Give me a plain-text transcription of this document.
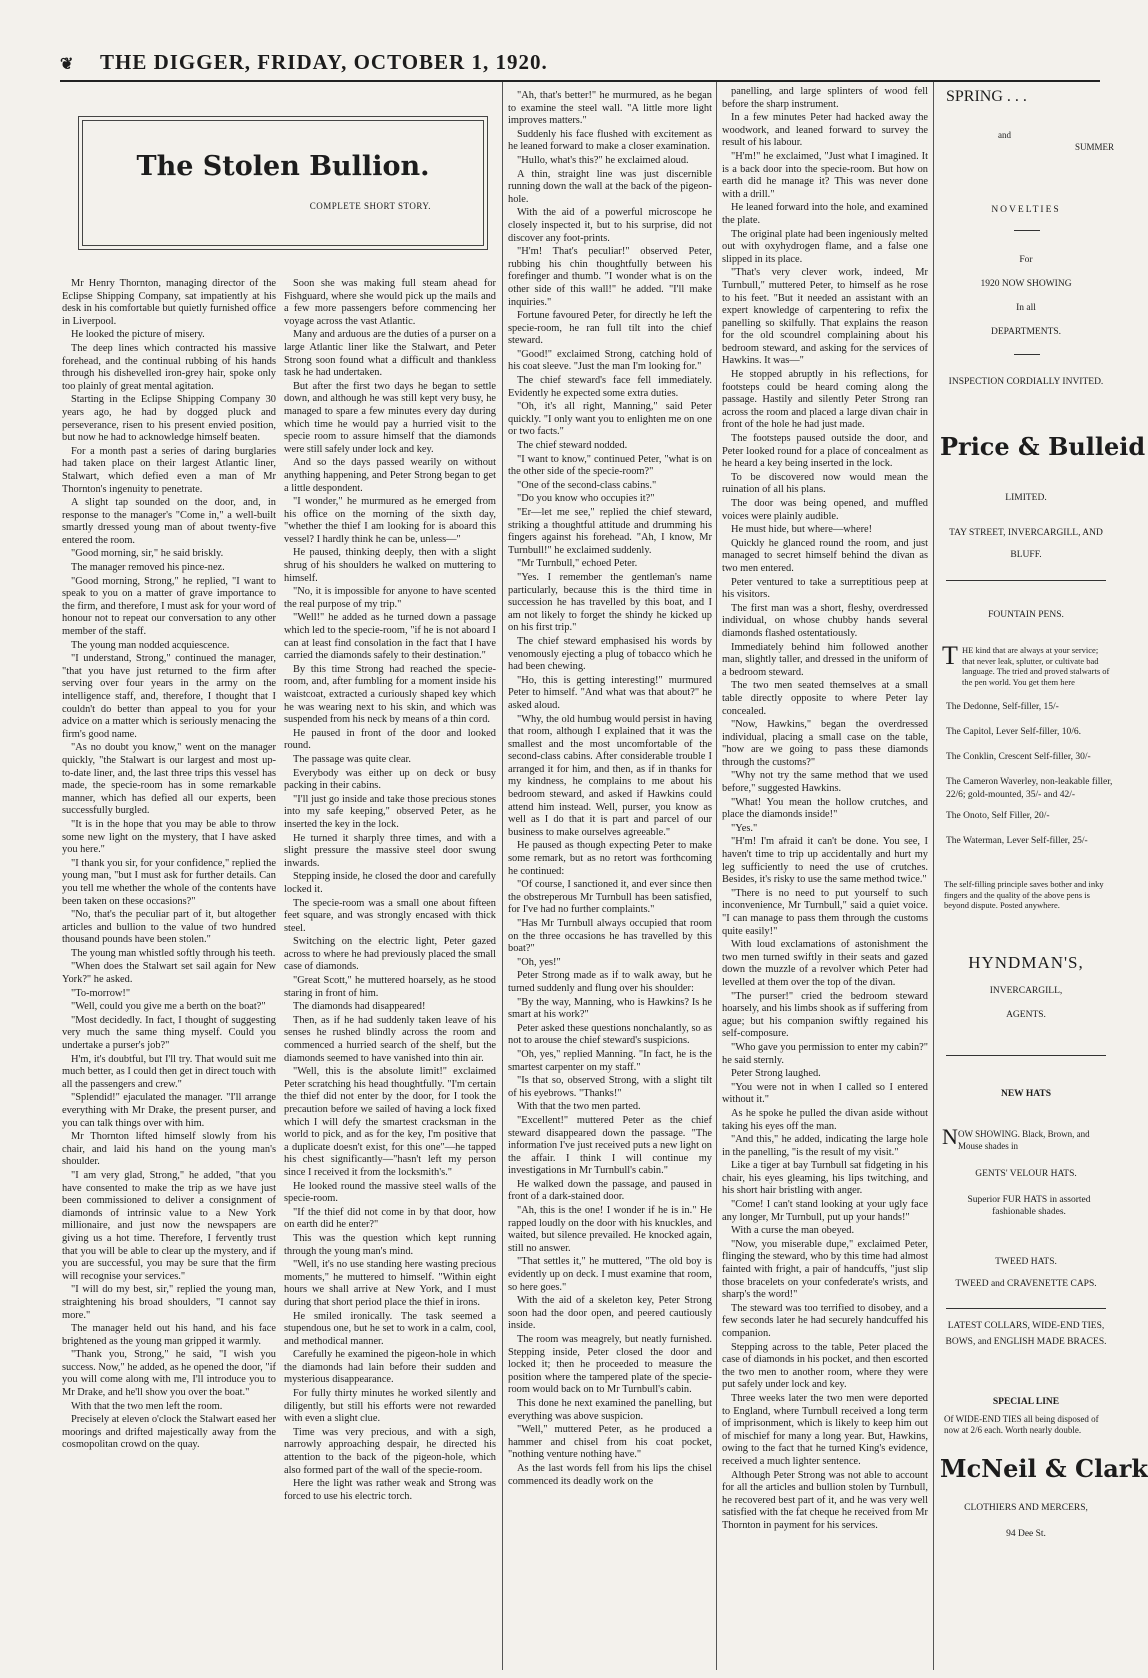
❦ THE DIGGER, FRIDAY, OCTOBER 1, 1920.
The Stolen Bullion.
COMPLETE SHORT STORY.

Mr Henry Thornton, managing director of the Eclipse Shipping Company, sat impatiently at his desk in his comfortable but quietly furnished office in Liverpool.

He looked the picture of misery.

The deep lines which contracted his massive forehead, and the continual rubbing of his hands through his dishevelled iron-grey hair, spoke only too plainly of great mental agitation.

Starting in the Eclipse Shipping Company 30 years ago, he had by dogged pluck and perseverance, risen to his present envied position, but now he had to acknowledge himself beaten.

For a month past a series of daring burglaries had taken place on their largest Atlantic liner, Stalwart, which defied even a man of Mr Thornton's ingenuity to penetrate.

A slight tap sounded on the door, and, in response to the manager's "Come in," a well-built smartly dressed young man of about twenty-five entered the room.

"Good morning, sir," he said briskly.

The manager removed his pince-nez.

"Good morning, Strong," he replied, "I want to speak to you on a matter of grave importance to the firm, and therefore, I must ask for your word of honour not to repeat our conversation to any other member of the staff.

The young man nodded acquiescence.

"I understand, Strong," continued the manager, "that you have just returned to the firm after serving over four years in the army on the intelligence staff, and, therefore, I thought that I couldn't do better than appeal to you for your advice on a matter which is seriously menacing the firm's good name.

"As no doubt you know," went on the manager quickly, "the Stalwart is our largest and most up-to-date liner, and, the last three trips this vessel has made, the specie-room has in some remarkable manner, which has defied all our experts, been successfully burgled.

"It is in the hope that you may be able to throw some new light on the mystery, that I have asked you here."

"I thank you sir, for your confidence," replied the young man, "but I must ask for further details. Can you tell me whether the whole of the contents have been taken on these occasions?"

"No, that's the peculiar part of it, but altogether articles and bullion to the value of two hundred thousand pounds have been stolen."

The young man whistled softly through his teeth.

"When does the Stalwart set sail again for New York?" he asked.

"To-morrow!"

"Well, could you give me a berth on the boat?"

"Most decidedly. In fact, I thought of suggesting very much the same thing myself. Could you undertake a purser's job?"

H'm, it's doubtful, but I'll try. That would suit me much better, as I could then get in direct touch with all the passengers and crew."

"Splendid!" ejaculated the manager. "I'll arrange everything with Mr Drake, the present purser, and you can talk things over with him.

Mr Thornton lifted himself slowly from his chair, and laid his hand on the young man's shoulder.

"I am very glad, Strong," he added, "that you have consented to make the trip as we have just been commissioned to deliver a consignment of diamonds of intrinsic value to a New York millionaire, and just now the newspapers are giving us a hot time. Therefore, I fervently trust that you will be able to clear up the mystery, and if you are successful, you may be sure that the firm will recognise your services."

"I will do my best, sir," replied the young man, straightening his broad shoulders, "I cannot say more."

The manager held out his hand, and his face brightened as the young man gripped it warmly.

"Thank you, Strong," he said, "I wish you success. Now," he added, as he opened the door, "if you will come along with me, I'll introduce you to Mr Drake, and he'll show you over the boat."

With that the two men left the room.

Precisely at eleven o'clock the Stalwart eased her moorings and drifted majestically away from the cosmopolitan crowd on the quay.

Soon she was making full steam ahead for Fishguard, where she would pick up the mails and a few more passengers before commencing her voyage across the vast Atlantic.

Many and arduous are the duties of a purser on a large Atlantic liner like the Stalwart, and Peter Strong soon found what a difficult and thankless task he had undertaken.

But after the first two days he began to settle down, and although he was still kept very busy, he managed to spare a few minutes every day during which time he would pay a hurried visit to the specie room to assure himself that the diamonds were still safely under lock and key.

And so the days passed wearily on without anything happening, and Peter Strong began to get a little despondent.

"I wonder," he murmured as he emerged from his office on the morning of the sixth day, "whether the thief I am looking for is aboard this vessel? I hardly think he can be, unless—"

He paused, thinking deeply, then with a slight shrug of his shoulders he walked on muttering to himself.

"No, it is impossible for anyone to have scented the real purpose of my trip."

"Well!" he added as he turned down a passage which led to the specie-room, "if he is not aboard I can at least find consolation in the fact that I have carried the diamonds safely to their destination."

By this time Strong had reached the specie-room, and, after fumbling for a moment inside his waistcoat, extracted a curiously shaped key which he was wearing next to his skin, and which was suspended from his neck by means of a thin cord.

He paused in front of the door and looked round.

The passage was quite clear.

Everybody was either up on deck or busy packing in their cabins.

"I'll just go inside and take those precious stones into my safe keeping," observed Peter, as he inserted the key in the lock.

He turned it sharply three times, and with a slight pressure the massive steel door swung inwards.

Stepping inside, he closed the door and carefully locked it.

The specie-room was a small one about fifteen feet square, and was strongly encased with thick steel.

Switching on the electric light, Peter gazed across to where he had previously placed the small case of diamonds.

"Great Scott," he muttered hoarsely, as he stood staring in front of him.

The diamonds had disappeared!

Then, as if he had suddenly taken leave of his senses he rushed blindly across the room and commenced a hurried search of the shelf, but the diamonds seemed to have vanished into thin air.

"Well, this is the absolute limit!" exclaimed Peter scratching his head thoughtfully. "I'm certain the thief did not enter by the door, for I took the precaution before we sailed of having a lock fixed which I will defy the smartest cracksman in the world to pick, and as for the key, I'm positive that a duplicate doesn't exist, for this one"—he tapped his chest significantly—"hasn't left my person since I received it from the locksmith's."

He looked round the massive steel walls of the specie-room.

"If the thief did not come in by that door, how on earth did he enter?"

This was the question which kept running through the young man's mind.

"Well, it's no use standing here wasting precious moments," he muttered to himself. "Within eight hours we shall arrive at New York, and I must during that short period place the thief in irons.

He smiled ironically. The task seemed a stupendous one, but he set to work in a calm, cool, and methodical manner.

Carefully he examined the pigeon-hole in which the diamonds had lain before their sudden and mysterious disappearance.

For fully thirty minutes he worked silently and diligently, but still his efforts were not rewarded with even a slight clue.

Time was very precious, and with a sigh, narrowly approaching despair, he directed his attention to the back of the pigeon-hole, which also formed part of the wall of the specie-room.

Here the light was rather weak and Strong was forced to use his electric torch.

"Ah, that's better!" he murmured, as he began to examine the steel wall. "A little more light improves matters."

Suddenly his face flushed with excitement as he leaned forward to make a closer examination.

"Hullo, what's this?" he exclaimed aloud.

A thin, straight line was just discernible running down the wall at the back of the pigeon-hole.

With the aid of a powerful microscope he closely inspected it, but to his surprise, did not discover any foot-prints.

"H'm! That's peculiar!" observed Peter, rubbing his chin thoughtfully between his forefinger and thumb. "I wonder what is on the other side of this wall!" he added. "I'll make inquiries."

Fortune favoured Peter, for directly he left the specie-room, he ran full tilt into the chief steward.

"Good!" exclaimed Strong, catching hold of his coat sleeve. "Just the man I'm looking for."

The chief steward's face fell immediately. Evidently he expected some extra duties.

"Oh, it's all right, Manning," said Peter quickly. "I only want you to enlighten me on one or two facts."

The chief steward nodded.

"I want to know," continued Peter, "what is on the other side of the specie-room?"

"One of the second-class cabins."

"Do you know who occupies it?"

"Er—let me see," replied the chief steward, striking a thoughtful attitude and drumming his fingers against his forehead. "Ah, I know, Mr Turnbull!" he exclaimed suddenly.

"Mr Turnbull," echoed Peter.

"Yes. I remember the gentleman's name particularly, because this is the third time in succession he has travelled by this boat, and I am not likely to forget the shindy he kicked up on his first trip."

The chief steward emphasised his words by venomously ejecting a plug of tobacco which he had been chewing.

"Ho, this is getting interesting!" murmured Peter to himself. "And what was that about?" he asked aloud.

"Why, the old humbug would persist in having that room, although I explained that it was the smallest and the most uncomfortable of the second-class cabins. After considerable trouble I arranged it for him, and then, as if in thanks for my kindness, he complains to me about his bedroom steward, and asked if Hawkins could attend him instead. Well, purser, you know as well as I do that it is part and parcel of our business to make ourselves agreeable."

He paused as though expecting Peter to make some remark, but as no retort was forthcoming he continued:

"Of course, I sanctioned it, and ever since then the obstreperous Mr Turnbull has been satisfied, for I've had no further complaints."

"Has Mr Turnbull always occupied that room on the three occasions he has travelled by this boat?"

"Oh, yes!"

Peter Strong made as if to walk away, but he turned suddenly and flung over his shoulder:

"By the way, Manning, who is Hawkins? Is he smart at his work?"

Peter asked these questions nonchalantly, so as not to arouse the chief steward's suspicions.

"Oh, yes," replied Manning. "In fact, he is the smartest carpenter on my staff."

"Is that so, observed Strong, with a slight tilt of his eyebrows. "Thanks!"

With that the two men parted.

"Excellent!" muttered Peter as the chief steward disappeared down the passage. "The information I've just received puts a new light on the affair. I think I will continue my investigations in Mr Turnbull's cabin."

He walked down the passage, and paused in front of a dark-stained door.

"Ah, this is the one! I wonder if he is in." He rapped loudly on the door with his knuckles, and waited, but silence prevailed. He knocked again, still no answer.

"That settles it," he muttered, "The old boy is evidently up on deck. I must examine that room, so here goes."

With the aid of a skeleton key, Peter Strong soon had the door open, and peered cautiously inside.

The room was meagrely, but neatly furnished. Stepping inside, Peter closed the door and locked it; then he proceeded to measure the position where the tampered plate of the specie-room would back on to Mr Turnbull's cabin.

This done he next examined the panelling, but everything was above suspicion.

"Well," muttered Peter, as he produced a hammer and chisel from his coat pocket, "nothing venture nothing have."

As the last words fell from his lips the chisel commenced its deadly work on the

panelling, and large splinters of wood fell before the sharp instrument.

In a few minutes Peter had hacked away the woodwork, and leaned forward to survey the result of his labour.

"H'm!" he exclaimed, "Just what I imagined. It is a back door into the specie-room. But how on earth did he manage it? This was never done with a drill."

He leaned forward into the hole, and examined the plate.

The original plate had been ingeniously melted out with oxyhydrogen flame, and a false one slipped in its place.

"That's very clever work, indeed, Mr Turnbull," muttered Peter, to himself as he rose to his feet. "But it needed an assistant with an expert knowledge of carpentering to refix the panelling so skilfully. That explains the reason for the old scoundrel complaining about his bedroom steward, and asking for the services of Hawkins. It was—"

He stopped abruptly in his reflections, for footsteps could be heard coming along the passage. Hastily and silently Peter Strong ran across the room and placed a large divan chair in front of the hole he had just made.

The footsteps paused outside the door, and Peter looked round for a place of concealment as he heard a key being inserted in the lock.

To be discovered now would mean the ruination of all his plans.

The door was being opened, and muffled voices were plainly audible.

He must hide, but where—where!

Quickly he glanced round the room, and just managed to secret himself behind the divan as two men entered.

Peter ventured to take a surreptitious peep at his visitors.

The first man was a short, fleshy, overdressed individual, on whose chubby hands several diamonds flashed ostentatiously.

Immediately behind him followed another man, slightly taller, and dressed in the uniform of a bedroom steward.

The two men seated themselves at a small table directly opposite to where Peter lay concealed.

"Now, Hawkins," began the overdressed individual, placing a small case on the table, "how are we going to pass these diamonds through the customs?"

"Why not try the same method that we used before," suggested Hawkins.

"What! You mean the hollow crutches, and place the diamonds inside!"

"Yes."

"H'm! I'm afraid it can't be done. You see, I haven't time to trip up accidentally and hurt my leg sufficiently to need the use of crutches. Besides, it's risky to use the same method twice."

"There is no need to put yourself to such inconvenience, Mr Turnbull," said a quiet voice. "I can manage to pass them through the customs quite easily!"

With loud exclamations of astonishment the two men turned swiftly in their seats and gazed down the muzzle of a revolver which Peter had levelled at them over the top of the divan.

"The purser!" cried the bedroom steward hoarsely, and his limbs shook as if suffering from ague; but his companion swiftly regained his self-composure.

"Who gave you permission to enter my cabin?" he said sternly.

Peter Strong laughed.

"You were not in when I called so I entered without it."

As he spoke he pulled the divan aside without taking his eyes off the man.

"And this," he added, indicating the large hole in the panelling, "is the result of my visit."

Like a tiger at bay Turnbull sat fidgeting in his chair, his eyes gleaming, his lips twitching, and his short hair bristling with anger.

"Come! I can't stand looking at your ugly face any longer, Mr Turnbull, put up your hands!"

With a curse the man obeyed.

"Now, you miserable dupe," exclaimed Peter, flinging the steward, who by this time had almost fainted with fright, a pair of handcuffs, "just slip those bracelets on your confederate's wrists, and sharp's the word!"

The steward was too terrified to disobey, and a few seconds later he had securely handcuffed his companion.

Stepping across to the table, Peter placed the case of diamonds in his pocket, and then escorted the two men to another room, where they were put safely under lock and key.

Three weeks later the two men were deported to England, where Turnbull received a long term of imprisonment, which is likely to keep him out of mischief for many a long year. But, Hawkins, owing to the fact that he turned King's evidence, received a much lighter sentence.

Although Peter Strong was not able to account for all the articles and bullion stolen by Turnbull, he recovered best part of it, and he was very well satisfied with the fat cheque he received from Mr Thornton in payment for his services.

SPRING . . .
and
SUMMER
NOVELTIES
For
1920 NOW SHOWING
In all
DEPARTMENTS.
INSPECTION CORDIALLY INVITED.
Price & Bulleid
LIMITED.
TAY STREET, INVERCARGILL, AND BLUFF.
FOUNTAIN PENS.
T HE kind that are always at your service; that never leak, splutter, or cultivate bad language. The tried and proved stalwarts of the pen world. You get them here
The Dedonne, Self-filler, 15/-
The Capitol, Lever Self-filler, 10/6.
The Conklin, Crescent Self-filler, 30/-
The Cameron Waverley, non-leakable filler, 22/6; gold-mounted, 35/- and 42/-
The Onoto, Self Filler, 20/-
The Waterman, Lever Self-filler, 25/-
The self-filling principle saves bother and inky fingers and the quality of the above pens is beyond dispute. Posted anywhere.
HYNDMAN'S,
INVERCARGILL,
AGENTS.
NEW HATS
N OW SHOWING. Black, Brown, and Mouse shades in
GENTS' VELOUR HATS.
Superior FUR HATS in assorted fashionable shades.
TWEED HATS.
TWEED and CRAVENETTE CAPS.
LATEST COLLARS, WIDE-END TIES, BOWS, and ENGLISH MADE BRACES.
SPECIAL LINE
Of WIDE-END TIES all being disposed of now at 2/6 each. Worth nearly double.
McNeil & Clark
CLOTHIERS AND MERCERS,
94 Dee St.
